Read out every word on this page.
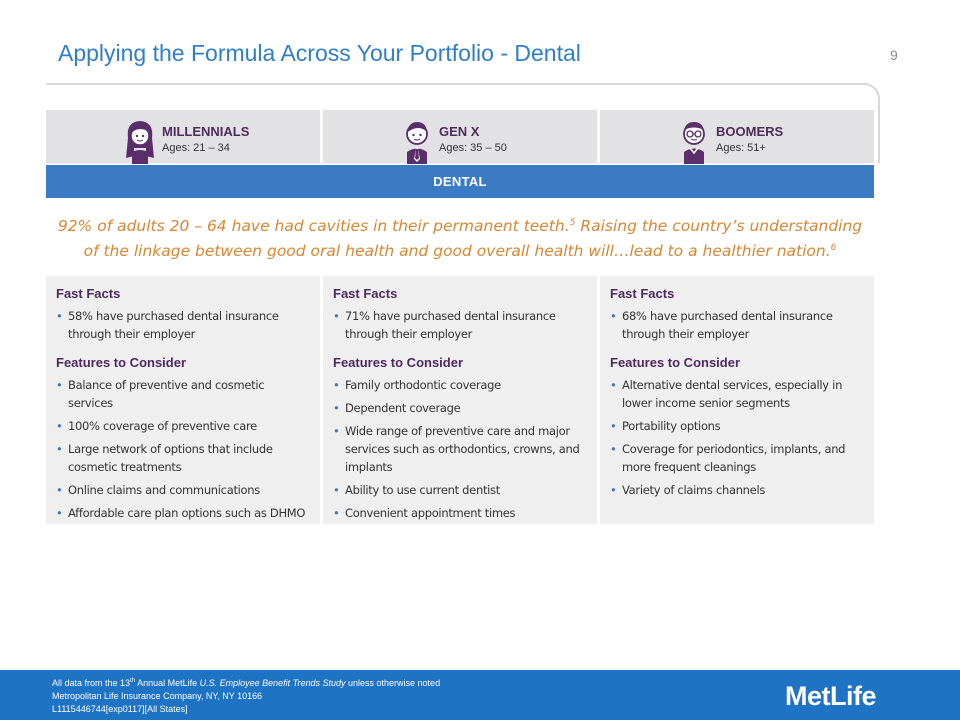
Applying the Formula Across Your Portfolio - Dental	9
MILLENNIALS
Ages: 21 – 34
GEN X
Ages: 35 – 50
BOOMERS
Ages: 51+
DENTAL
92% of adults 20 – 64 have had cavities in their permanent teeth.$^5$ Raising the country’s understanding
of the linkage between good oral health and good overall health will…lead to a healthier nation.$^6$
Fast Facts
• 58% have purchased dental insurance through their employer
Features to Consider
• Balance of preventive and cosmetic services
• 100% coverage of preventive care
• Large network of options that include cosmetic treatments
• Online claims and communications
• Affordable care plan options such as DHMO
Fast Facts
• 71% have purchased dental insurance through their employer
Features to Consider
• Family orthodontic coverage
• Dependent coverage
• Wide range of preventive care and major services such as orthodontics, crowns, and implants
• Ability to use current dentist
• Convenient appointment times
Fast Facts
• 68% have purchased dental insurance through their employer
Features to Consider
• Alternative dental services, especially in lower income senior segments
• Portability options
• Coverage for periodontics, implants, and more frequent cleanings
• Variety of claims channels
All data from the 13th Annual MetLife U.S. Employee Benefit Trends Study unless otherwise noted
Metropolitan Life Insurance Company, NY, NY 10166
L1115446744[exp0117][All States]	MetLife
